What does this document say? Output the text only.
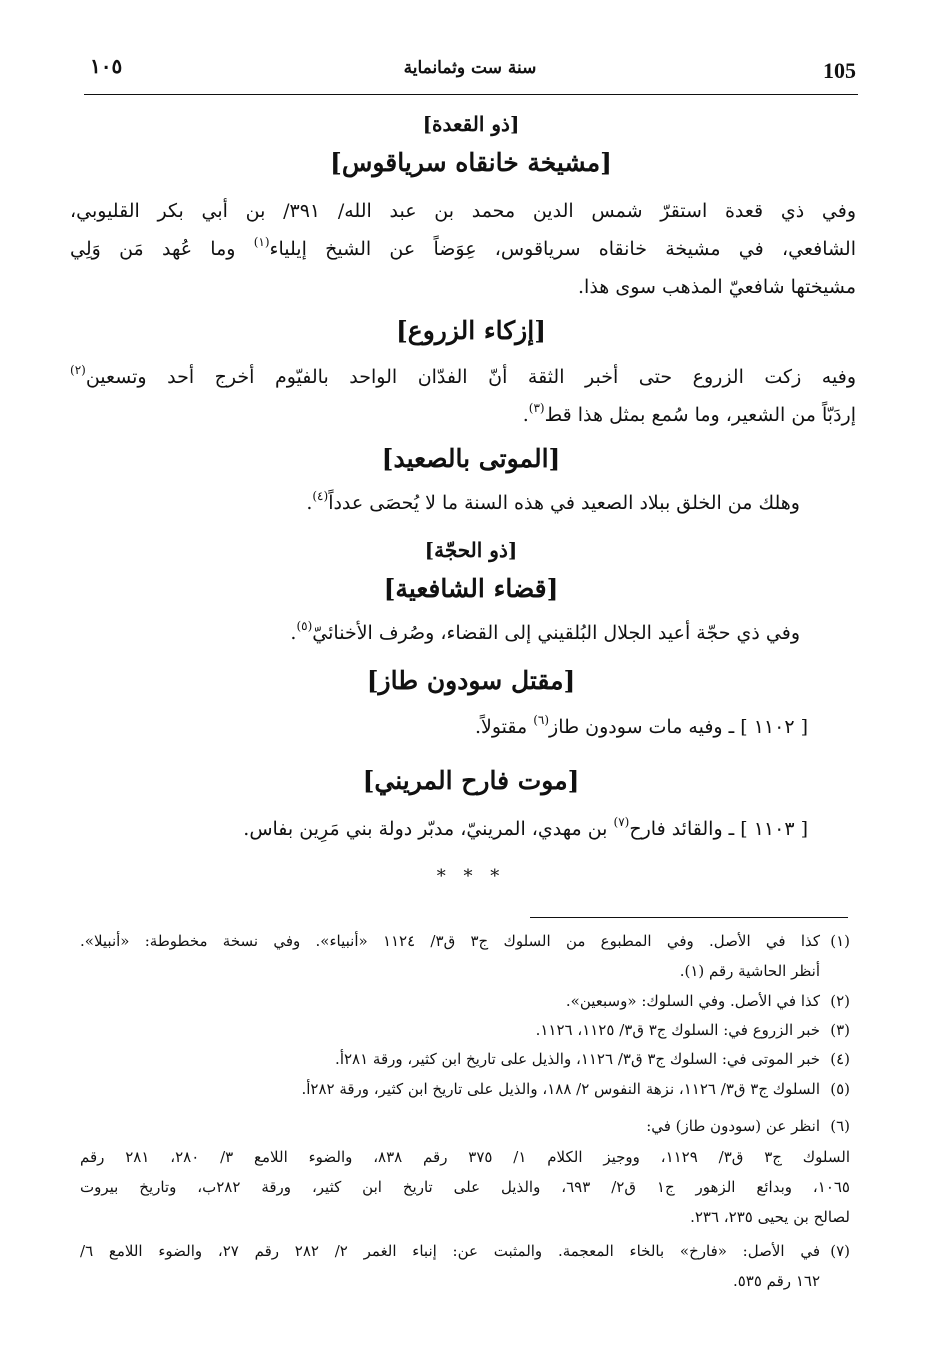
105
سنة ست وثمانماية
١٠٥
[ذو القعدة]
[مشيخة خانقاه سرياقوس]
وفي ذي قعدة استقرّ شمس الدين محمد بن عبد الله/ ٣٩١/ بن أبي بكر القليوبي،
الشافعي، في مشيخة خانقاه سرياقوس، عِوَضاً عن الشيخ إيلياء$^{(١)}$ وما عُهد مَن وَلِي
مشيختها شافعيّ المذهب سوى هذا.
[إزكاء الزروع]
وفيه زكت الزروع حتى أخبر الثقة أنّ الفدّان الواحد بالفيّوم أخرج أحد وتسعين$^{(٢)}$
إردَبّاً من الشعير، وما سُمع بمثل هذا قط$^{(٣)}$.
[الموتى بالصعيد]
وهلك من الخلق ببلاد الصعيد في هذه السنة ما لا يُحصَى عدداً$^{(٤)}$.
[ذو الحجّة]
[قضاء الشافعية]
وفي ذي حجّة أعيد الجلال البُلقيني إلى القضاء، وصُرف الأخنائيّ$^{(٥)}$.
[مقتل سودون طاز]
[ ١١٠٢ ] ـ وفيه مات سودون طاز$^{(٦)}$ مقتولاً.
[موت فارح المريني]
[ ١١٠٣ ] ـ والقائد فارح$^{(٧)}$ بن مهدي، المرينيّ، مدبّر دولة بني مَرِين بفاس.
* * *
(١)
كذا في الأصل. وفي المطبوع من السلوك ج٣ ق٣/ ١١٢٤ «أنبياء». وفي نسخة مخطوطة: «أنبيلا».
أنظر الحاشية رقم (١).
(٢)
كذا في الأصل. وفي السلوك: «وسبعين».
(٣)
خبر الزروع في: السلوك ج٣ ق٣/ ١١٢٥، ١١٢٦.
(٤)
خبر الموتى في: السلوك ج٣ ق٣/ ١١٢٦، والذيل على تاريخ ابن كثير، ورقة ٢٨١أ.
(٥)
السلوك ج٣ ق٣/ ١١٢٦، نزهة النفوس ٢/ ١٨٨، والذيل على تاريخ ابن كثير، ورقة ٢٨٢أ.
(٦)
انظر عن (سودون طاز) في:
السلوك ج٣ ق٣/ ١١٢٩، ووجيز الكلام ١/ ٣٧٥ رقم ٨٣٨، والضوء اللامع ٣/ ٢٨٠، ٢٨١ رقم
١٠٦٥، وبدائع الزهور ج١ ق٢/ ٦٩٣، والذيل على تاريخ ابن كثير، ورقة ٢٨٢ب، وتاريخ بيروت
لصالح بن يحيى ٢٣٥، ٢٣٦.
(٧)
في الأصل: «فارخ» بالخاء المعجمة. والمثبت عن: إنباء الغمر ٢/ ٢٨٢ رقم ٢٧، والضوء اللامع ٦/
١٦٢ رقم ٥٣٥.
